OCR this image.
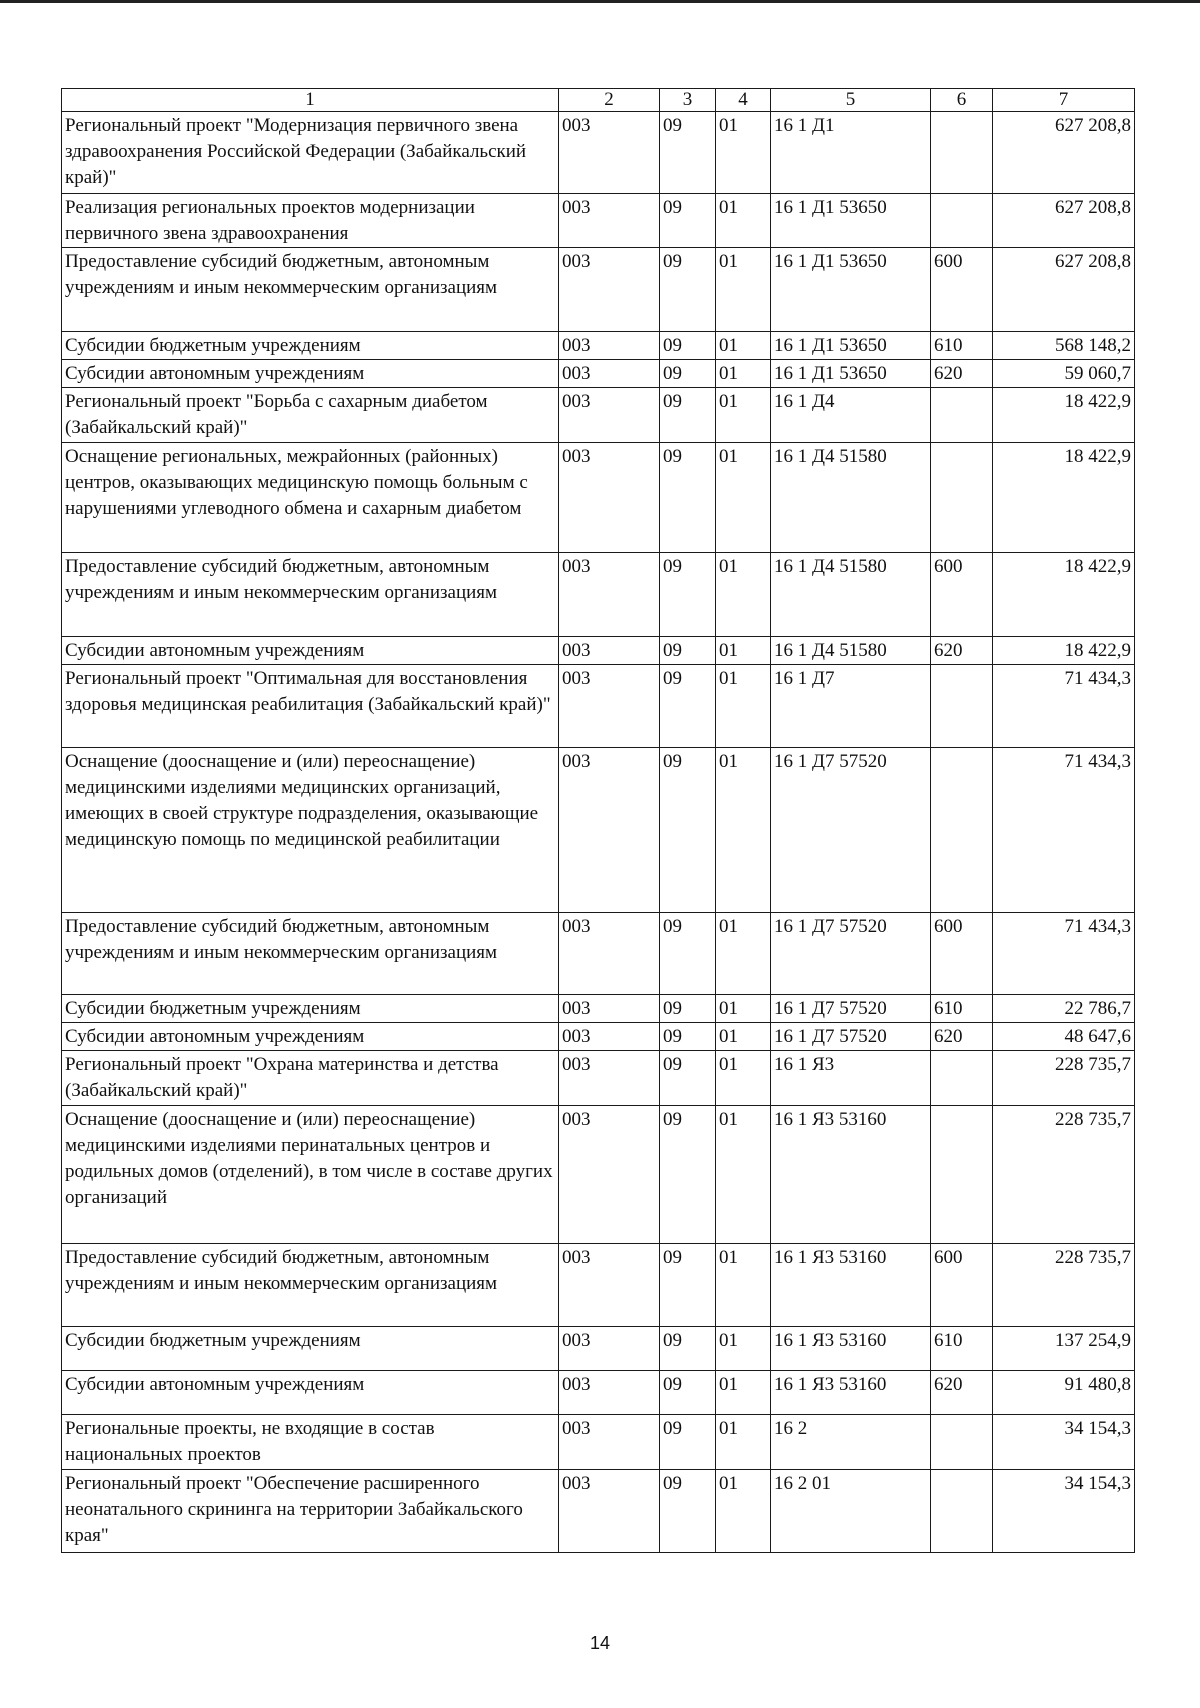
1	2	3	4	5	6	7
Региональный проект "Модернизация первичного звена здравоохранения Российской Федерации (Забайкальский край)"	003	09	01	16 1 Д1		627 208,8
Реализация региональных проектов модернизации первичного звена здравоохранения	003	09	01	16 1 Д1 53650		627 208,8
Предоставление субсидий бюджетным, автономным учреждениям и иным некоммерческим организациям	003	09	01	16 1 Д1 53650	600	627 208,8
Субсидии бюджетным учреждениям	003	09	01	16 1 Д1 53650	610	568 148,2
Субсидии автономным учреждениям	003	09	01	16 1 Д1 53650	620	59 060,7
Региональный проект "Борьба с сахарным диабетом (Забайкальский край)"	003	09	01	16 1 Д4		18 422,9
Оснащение региональных, межрайонных (районных) центров, оказывающих медицинскую помощь больным с нарушениями углеводного обмена и сахарным диабетом	003	09	01	16 1 Д4 51580		18 422,9
Предоставление субсидий бюджетным, автономным учреждениям и иным некоммерческим организациям	003	09	01	16 1 Д4 51580	600	18 422,9
Субсидии автономным учреждениям	003	09	01	16 1 Д4 51580	620	18 422,9
Региональный проект "Оптимальная для восстановления здоровья медицинская реабилитация (Забайкальский край)"	003	09	01	16 1 Д7		71 434,3
Оснащение (дооснащение и (или) переоснащение) медицинскими изделиями медицинских организаций, имеющих в своей структуре подразделения, оказывающие медицинскую помощь по медицинской реабилитации	003	09	01	16 1 Д7 57520		71 434,3
Предоставление субсидий бюджетным, автономным учреждениям и иным некоммерческим организациям	003	09	01	16 1 Д7 57520	600	71 434,3
Субсидии бюджетным учреждениям	003	09	01	16 1 Д7 57520	610	22 786,7
Субсидии автономным учреждениям	003	09	01	16 1 Д7 57520	620	48 647,6
Региональный проект "Охрана материнства и детства (Забайкальский край)"	003	09	01	16 1 Я3		228 735,7
Оснащение (дооснащение и (или) переоснащение) медицинскими изделиями перинатальных центров и родильных домов (отделений), в том числе в составе других организаций	003	09	01	16 1 Я3 53160		228 735,7
Предоставление субсидий бюджетным, автономным учреждениям и иным некоммерческим организациям	003	09	01	16 1 Я3 53160	600	228 735,7
Субсидии бюджетным учреждениям	003	09	01	16 1 Я3 53160	610	137 254,9
Субсидии автономным учреждениям	003	09	01	16 1 Я3 53160	620	91 480,8
Региональные проекты, не входящие в состав национальных проектов	003	09	01	16 2		34 154,3
Региональный проект "Обеспечение расширенного неонатального скрининга на территории Забайкальского края"	003	09	01	16 2 01		34 154,3
14
